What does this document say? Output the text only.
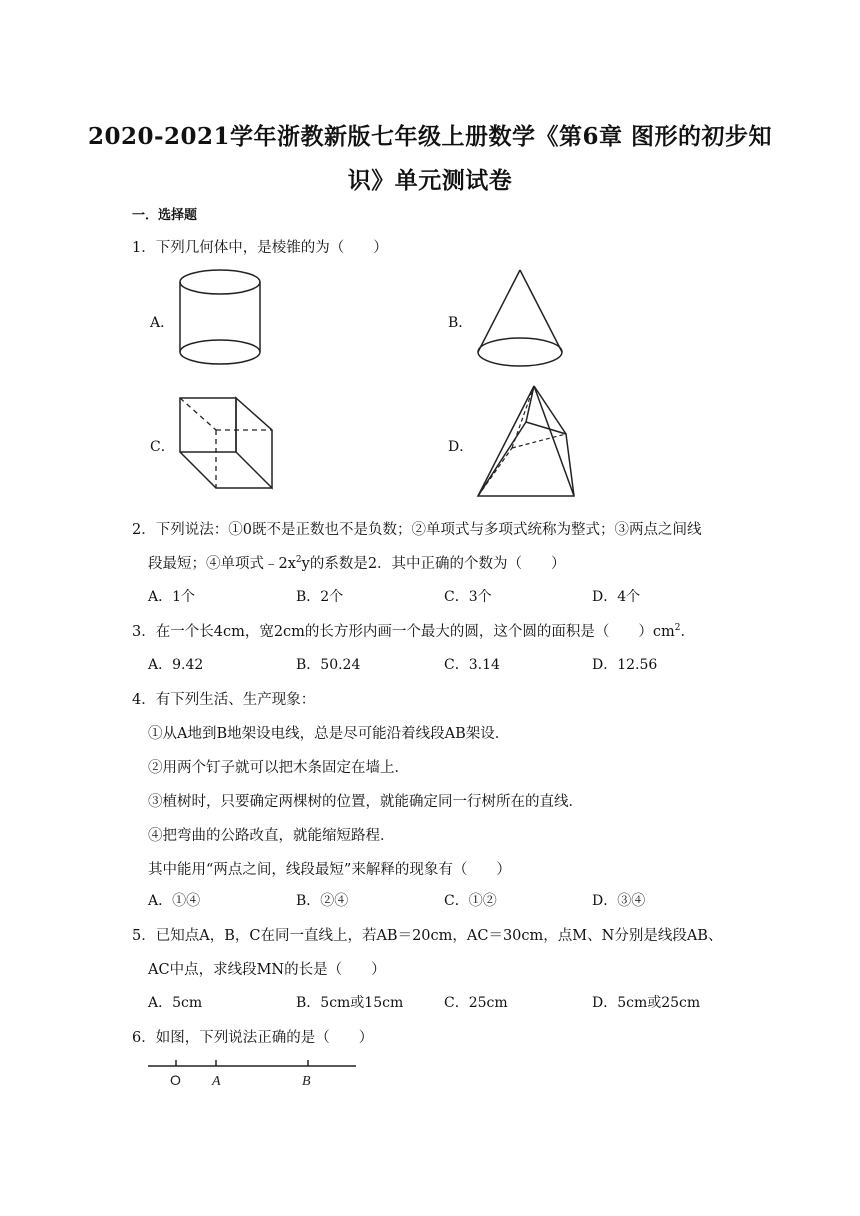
2020-2021学年浙教新版七年级上册数学《第6章 图形的初步知
识》单元测试卷
一．选择题
1．下列几何体中，是棱锥的为（　　）
A．	B．
C．	D．
2．下列说法：①0既不是正数也不是负数；②单项式与多项式统称为整式；③两点之间线
段最短；④单项式$﹣2x^2y$的系数是2．其中正确的个数为（　　）
A．1个	B．2个	C．3个	D．4个
3．在一个长4cm，宽2cm的长方形内画一个最大的圆，这个圆的面积是（　　）$cm^2$．
A．9.42	B．50.24	C．3.14	D．12.56
4．有下列生活、生产现象：
①从A地到B地架设电线，总是尽可能沿着线段AB架设．
②用两个钉子就可以把木条固定在墙上．
③植树时，只要确定两棵树的位置，就能确定同一行树所在的直线．
④把弯曲的公路改直，就能缩短路程．
其中能用“两点之间，线段最短”来解释的现象有（　　）
A．①④	B．②④	C．①②	D．③④
5．已知点A，B，C在同一直线上，若AB＝20cm，AC＝30cm，点M、N分别是线段AB、
AC中点，求线段MN的长是（　　）
A．5cm	B．5cm或15cm	C．25cm	D．5cm或25cm
6．如图，下列说法正确的是（　　）
O A	B
